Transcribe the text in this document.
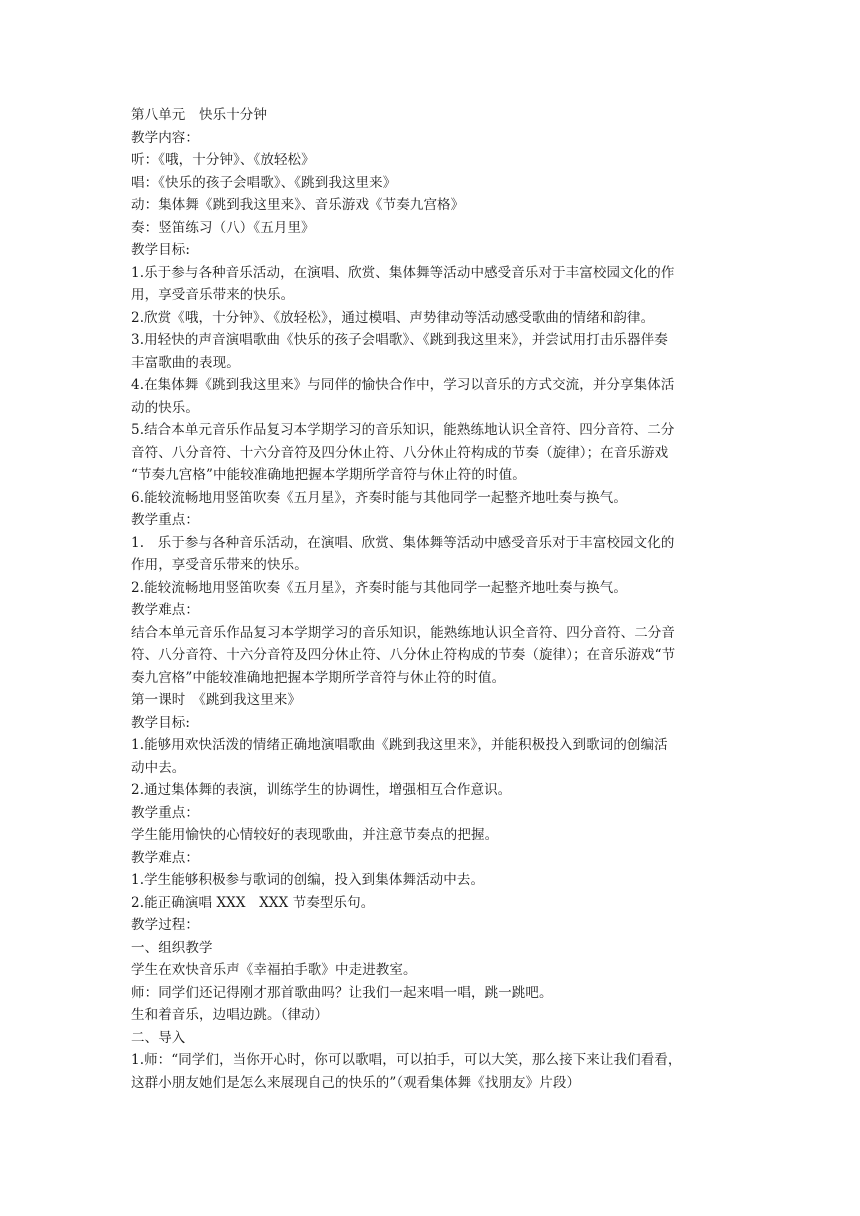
第八单元　快乐十分钟
教学内容：
听：《哦，十分钟》、《放轻松》
唱：《快乐的孩子会唱歌》、《跳到我这里来》
动：集体舞《跳到我这里来》、音乐游戏《节奏九宫格》
奏：竖笛练习（八）《五月里》
教学目标:
1.乐于参与各种音乐活动，在演唱、欣赏、集体舞等活动中感受音乐对于丰富校园文化的作
用，享受音乐带来的快乐。
2.欣赏《哦，十分钟》、《放轻松》，通过模唱、声势律动等活动感受歌曲的情绪和韵律。
3.用轻快的声音演唱歌曲《快乐的孩子会唱歌》、《跳到我这里来》，并尝试用打击乐器伴奏
丰富歌曲的表现。
4.在集体舞《跳到我这里来》与同伴的愉快合作中，学习以音乐的方式交流，并分享集体活
动的快乐。
5.结合本单元音乐作品复习本学期学习的音乐知识，能熟练地认识全音符、四分音符、二分
音符、八分音符、十六分音符及四分休止符、八分休止符构成的节奏（旋律）；在音乐游戏
“节奏九宫格”中能较准确地把握本学期所学音符与休止符的时值。
6.能较流畅地用竖笛吹奏《五月星》，齐奏时能与其他同学一起整齐地吐奏与换气。
教学重点：
1.　乐于参与各种音乐活动，在演唱、欣赏、集体舞等活动中感受音乐对于丰富校园文化的
作用，享受音乐带来的快乐。
2.能较流畅地用竖笛吹奏《五月星》，齐奏时能与其他同学一起整齐地吐奏与换气。
教学难点：
结合本单元音乐作品复习本学期学习的音乐知识，能熟练地认识全音符、四分音符、二分音
符、八分音符、十六分音符及四分休止符、八分休止符构成的节奏（旋律）；在音乐游戏“节
奏九宫格”中能较准确地把握本学期所学音符与休止符的时值。
第一课时　《跳到我这里来》
教学目标:
1.能够用欢快活泼的情绪正确地演唱歌曲《跳到我这里来》，并能积极投入到歌词的创编活
动中去。
2.通过集体舞的表演，训练学生的协调性，增强相互合作意识。
教学重点：
学生能用愉快的心情较好的表现歌曲，并注意节奏点的把握。
教学难点：
1.学生能够积极参与歌词的创编，投入到集体舞活动中去。
2.能正确演唱 XXX　XXX 节奏型乐句。
教学过程：
一、组织教学
学生在欢快音乐声《幸福拍手歌》中走进教室。
师：同学们还记得刚才那首歌曲吗？让我们一起来唱一唱，跳一跳吧。
生和着音乐，边唱边跳。（律动）
二、导入
1.师：“同学们，当你开心时，你可以歌唱，可以拍手，可以大笑，那么接下来让我们看看，
这群小朋友她们是怎么来展现自己的快乐的”（观看集体舞《找朋友》片段）
